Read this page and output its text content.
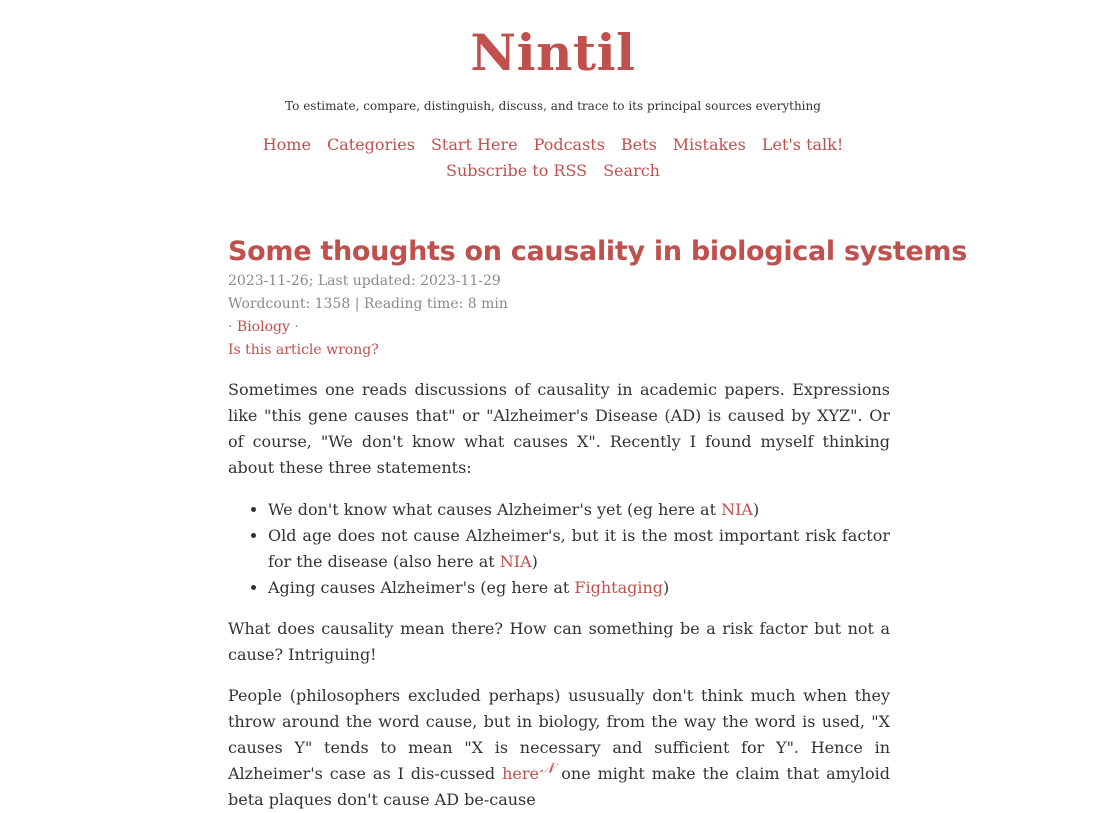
Nintil
To estimate, compare, distinguish, discuss, and trace to its principal sources everything
Home Categories Start Here Podcasts Bets Mistakes Let's talk!
Subscribe to RSS Search
Some thoughts on causality in biological systems
2023-11-26; Last updated: 2023-11-29
Wordcount: 1358 | Reading time: 8 min
· Biology ·
Is this article wrong?

Sometimes one reads discussions of causality in academic papers. Expressions like "this gene causes that" or "Alzheimer's Disease (AD) is caused by XYZ". Or of course, "We don't know what causes X". Recently I found myself thinking about these three statements:

• We don't know what causes Alzheimer's yet (eg here at NIA)
• Old age does not cause Alzheimer's, but it is the most important risk factor for the disease (also here at NIA)
• Aging causes Alzheimer's (eg here at Fightaging)

What does causality mean there? How can something be a risk factor but not a cause? Intriguing!

People (philosophers excluded perhaps) ususually don't think much when they throw around the word cause, but in biology, from the way the word is used, "X causes Y" tends to mean "X is necessary and sufficient for Y". Hence in Alzheimer's case as I dis-cussed here𝒩 one might make the claim that amyloid beta plaques don't cause AD be-cause
